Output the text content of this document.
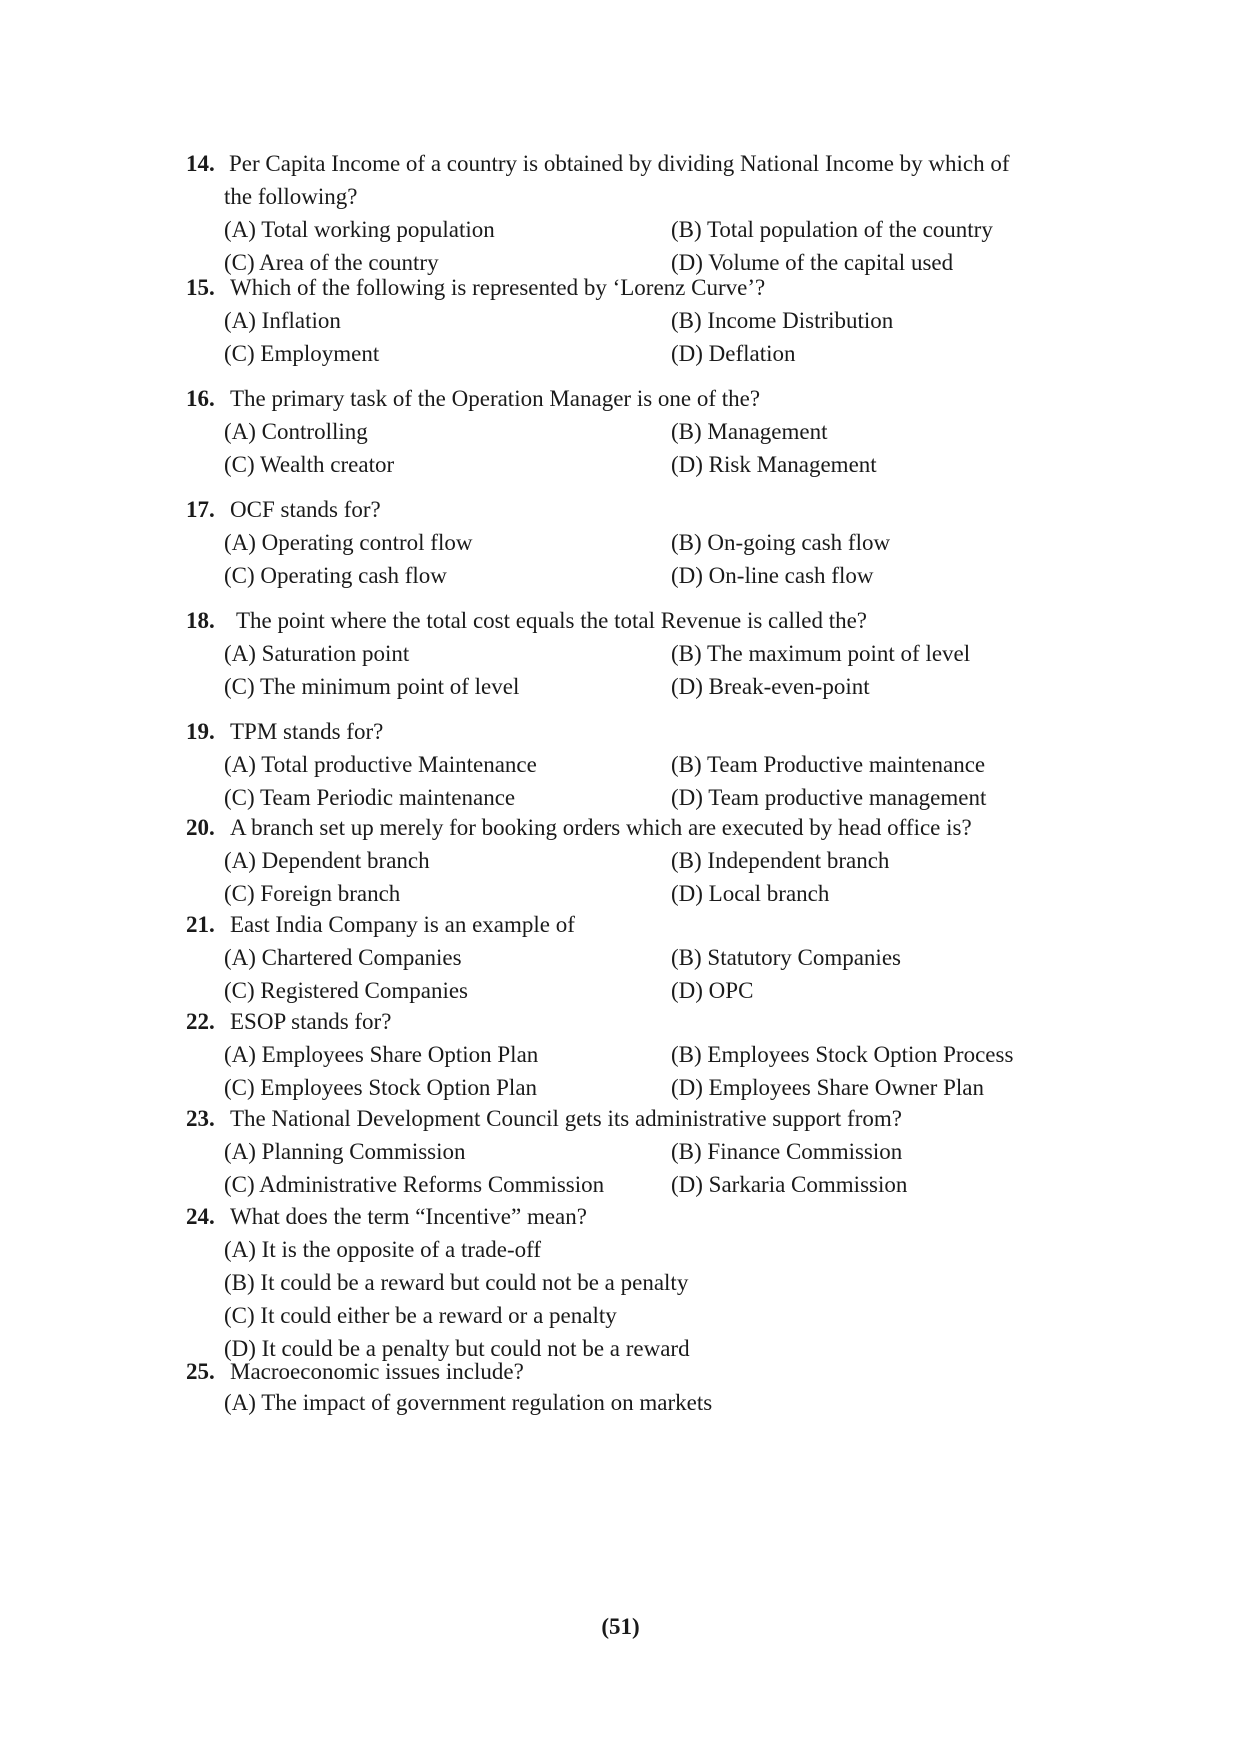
14. Per Capita Income of a country is obtained by dividing National Income by which of
the following?
(A) Total working population	(B) Total population of the country
(C) Area of the country	(D) Volume of the capital used
15. Which of the following is represented by ‘Lorenz Curve’?
(A) Inflation	(B) Income Distribution
(C) Employment	(D) Deflation
16. The primary task of the Operation Manager is one of the?
(A) Controlling	(B) Management
(C) Wealth creator	(D) Risk Management
17. OCF stands for?
(A) Operating control flow	(B) On-going cash flow
(C) Operating cash flow	(D) On-line cash flow
18. The point where the total cost equals the total Revenue is called the?
(A) Saturation point	(B) The maximum point of level
(C) The minimum point of level	(D) Break-even-point
19. TPM stands for?
(A) Total productive Maintenance	(B) Team Productive maintenance
(C) Team Periodic maintenance	(D) Team productive management
20. A branch set up merely for booking orders which are executed by head office is?
(A) Dependent branch	(B) Independent branch
(C) Foreign branch	(D) Local branch
21. East India Company is an example of
(A) Chartered Companies	(B) Statutory Companies
(C) Registered Companies	(D) OPC
22. ESOP stands for?
(A) Employees Share Option Plan	(B) Employees Stock Option Process
(C) Employees Stock Option Plan	(D) Employees Share Owner Plan
23. The National Development Council gets its administrative support from?
(A) Planning Commission	(B) Finance Commission
(C) Administrative Reforms Commission	(D) Sarkaria Commission
24. What does the term “Incentive” mean?
(A) It is the opposite of a trade-off
(B) It could be a reward but could not be a penalty
(C) It could either be a reward or a penalty
(D) It could be a penalty but could not be a reward
25. Macroeconomic issues include?
(A) The impact of government regulation on markets
(51)
